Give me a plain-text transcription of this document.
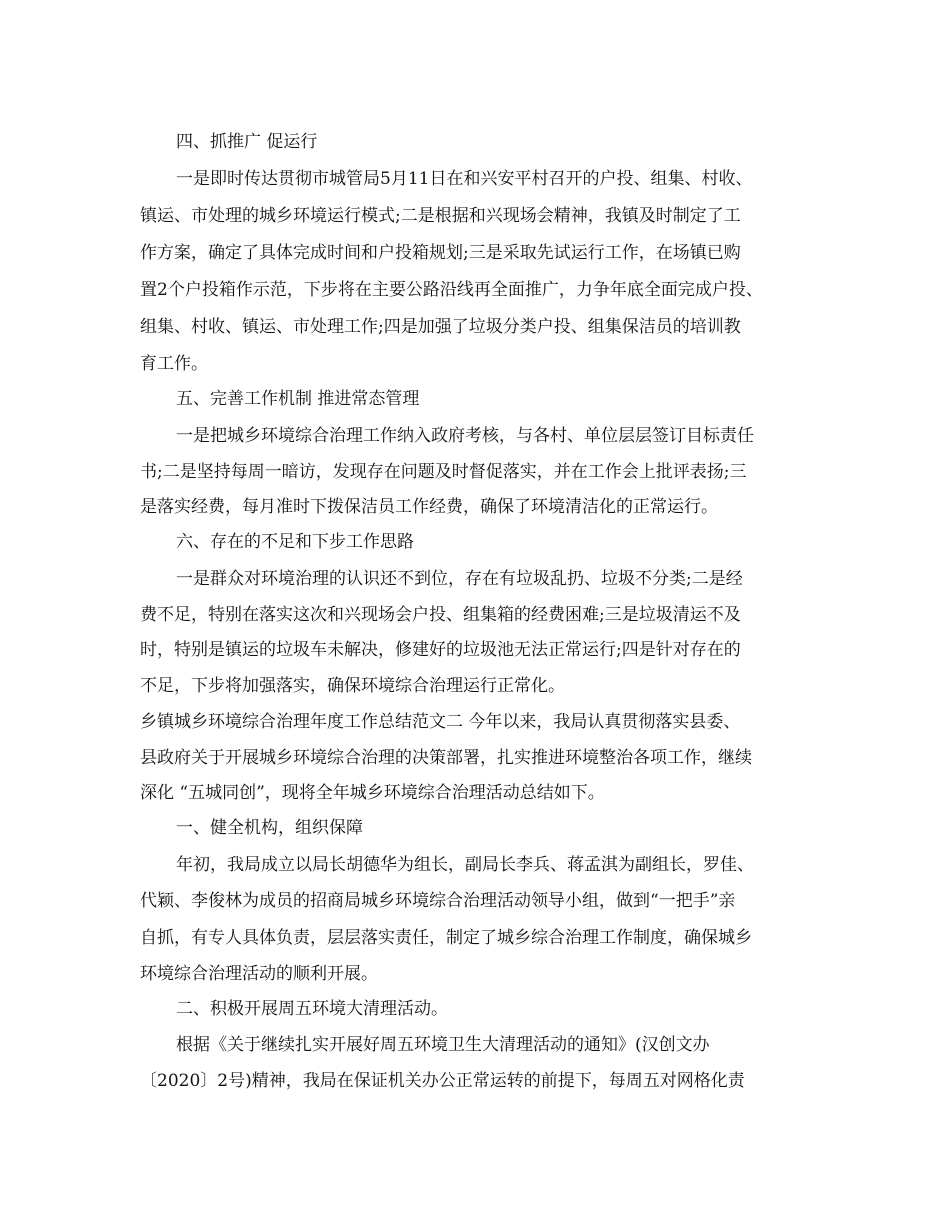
四、抓推广 促运行
一是即时传达贯彻市城管局5月11日在和兴安平村召开的户投、组集、村收、
镇运、市处理的城乡环境运行模式;二是根据和兴现场会精神，我镇及时制定了工
作方案，确定了具体完成时间和户投箱规划;三是采取先试运行工作，在场镇已购
置2个户投箱作示范，下步将在主要公路沿线再全面推广，力争年底全面完成户投、
组集、村收、镇运、市处理工作;四是加强了垃圾分类户投、组集保洁员的培训教
育工作。
五、完善工作机制 推进常态管理
一是把城乡环境综合治理工作纳入政府考核，与各村、单位层层签订目标责任
书;二是坚持每周一暗访，发现存在问题及时督促落实，并在工作会上批评表扬;三
是落实经费，每月准时下拨保洁员工作经费，确保了环境清洁化的正常运行。
六、存在的不足和下步工作思路
一是群众对环境治理的认识还不到位，存在有垃圾乱扔、垃圾不分类;二是经
费不足，特别在落实这次和兴现场会户投、组集箱的经费困难;三是垃圾清运不及
时，特别是镇运的垃圾车未解决，修建好的垃圾池无法正常运行;四是针对存在的
不足，下步将加强落实，确保环境综合治理运行正常化。
乡镇城乡环境综合治理年度工作总结范文二 今年以来，我局认真贯彻落实县委、
县政府关于开展城乡环境综合治理的决策部署，扎实推进环境整治各项工作，继续
深化 “五城同创”，现将全年城乡环境综合治理活动总结如下。
一、健全机构，组织保障
年初，我局成立以局长胡德华为组长，副局长李兵、蒋孟淇为副组长，罗佳、
代颖、李俊林为成员的招商局城乡环境综合治理活动领导小组，做到“一把手”亲
自抓，有专人具体负责，层层落实责任，制定了城乡综合治理工作制度，确保城乡
环境综合治理活动的顺利开展。
二、积极开展周五环境大清理活动。
根据《关于继续扎实开展好周五环境卫生大清理活动的通知》(汉创文办
〔2020〕2号)精神，我局在保证机关办公正常运转的前提下，每周五对网格化责
